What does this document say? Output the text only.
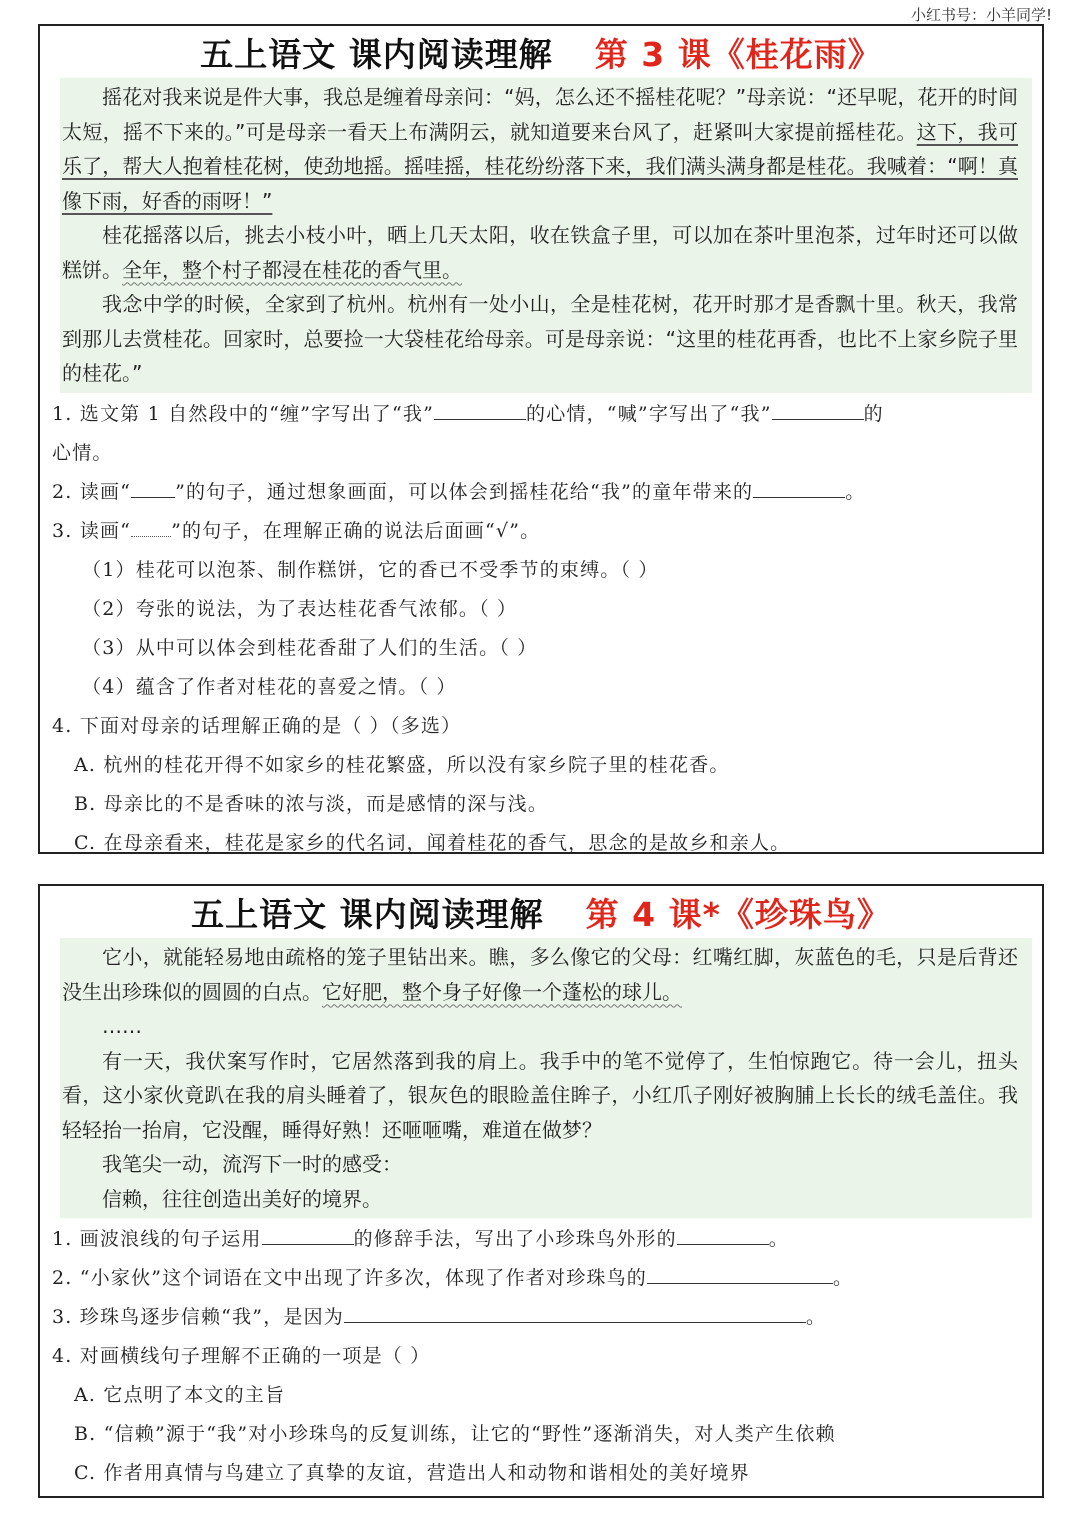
小红书号：小羊同学!
五上语文 课内阅读理解 第 3 课《桂花雨》

摇花对我来说是件大事，我总是缠着母亲问：“妈，怎么还不摇桂花呢？”母亲说：“还早呢，花开的时间太短，摇不下来的。”可是母亲一看天上布满阴云，就知道要来台风了，赶紧叫大家提前摇桂花。这下，我可乐了，帮大人抱着桂花树，使劲地摇。摇哇摇，桂花纷纷落下来，我们满头满身都是桂花。我喊着：“啊！真像下雨，好香的雨呀！”

桂花摇落以后，挑去小枝小叶，晒上几天太阳，收在铁盒子里，可以加在茶叶里泡茶，过年时还可以做糕饼。全年，整个村子都浸在桂花的香气里。

我念中学的时候，全家到了杭州。杭州有一处小山，全是桂花树，花开时那才是香飘十里。秋天，我常到那儿去赏桂花。回家时，总要捡一大袋桂花给母亲。可是母亲说：“这里的桂花再香，也比不上家乡院子里的桂花。”

1. 选文第 1 自然段中的“缠”字写出了“我”	的心情，“喊”字写出了“我”	的
心情。
2. 读画“ ”的句子，通过想象画面，可以体会到摇桂花给“我”的童年带来的	。
3. 读画“ ”的句子，在理解正确的说法后面画“√”。
（1）桂花可以泡茶、制作糕饼，它的香已不受季节的束缚。（ ）
（2）夸张的说法，为了表达桂花香气浓郁。（ ）
（3）从中可以体会到桂花香甜了人们的生活。（ ）
（4）蕴含了作者对桂花的喜爱之情。（ ）
4. 下面对母亲的话理解正确的是（ ）（多选）
A. 杭州的桂花开得不如家乡的桂花繁盛，所以没有家乡院子里的桂花香。
B. 母亲比的不是香味的浓与淡，而是感情的深与浅。
C. 在母亲看来，桂花是家乡的代名词，闻着桂花的香气，思念的是故乡和亲人。
五上语文 课内阅读理解 第 4 课*《珍珠鸟》

它小，就能轻易地由疏格的笼子里钻出来。瞧，多么像它的父母：红嘴红脚，灰蓝色的毛，只是后背还没生出珍珠似的圆圆的白点。它好肥，整个身子好像一个蓬松的球儿。

……

有一天，我伏案写作时，它居然落到我的肩上。我手中的笔不觉停了，生怕惊跑它。待一会儿，扭头看，这小家伙竟趴在我的肩头睡着了，银灰色的眼睑盖住眸子，小红爪子刚好被胸脯上长长的绒毛盖住。我轻轻抬一抬肩，它没醒，睡得好熟！还咂咂嘴，难道在做梦？

我笔尖一动，流泻下一时的感受：

信赖，往往创造出美好的境界。

1. 画波浪线的句子运用	的修辞手法，写出了小珍珠鸟外形的	。
2. “小家伙”这个词语在文中出现了许多次，体现了作者对珍珠鸟的	。
3. 珍珠鸟逐步信赖“我”，是因为	。
4. 对画横线句子理解不正确的一项是（ ）
A. 它点明了本文的主旨
B. “信赖”源于“我”对小珍珠鸟的反复训练，让它的“野性”逐渐消失，对人类产生依赖
C. 作者用真情与鸟建立了真挚的友谊，营造出人和动物和谐相处的美好境界
